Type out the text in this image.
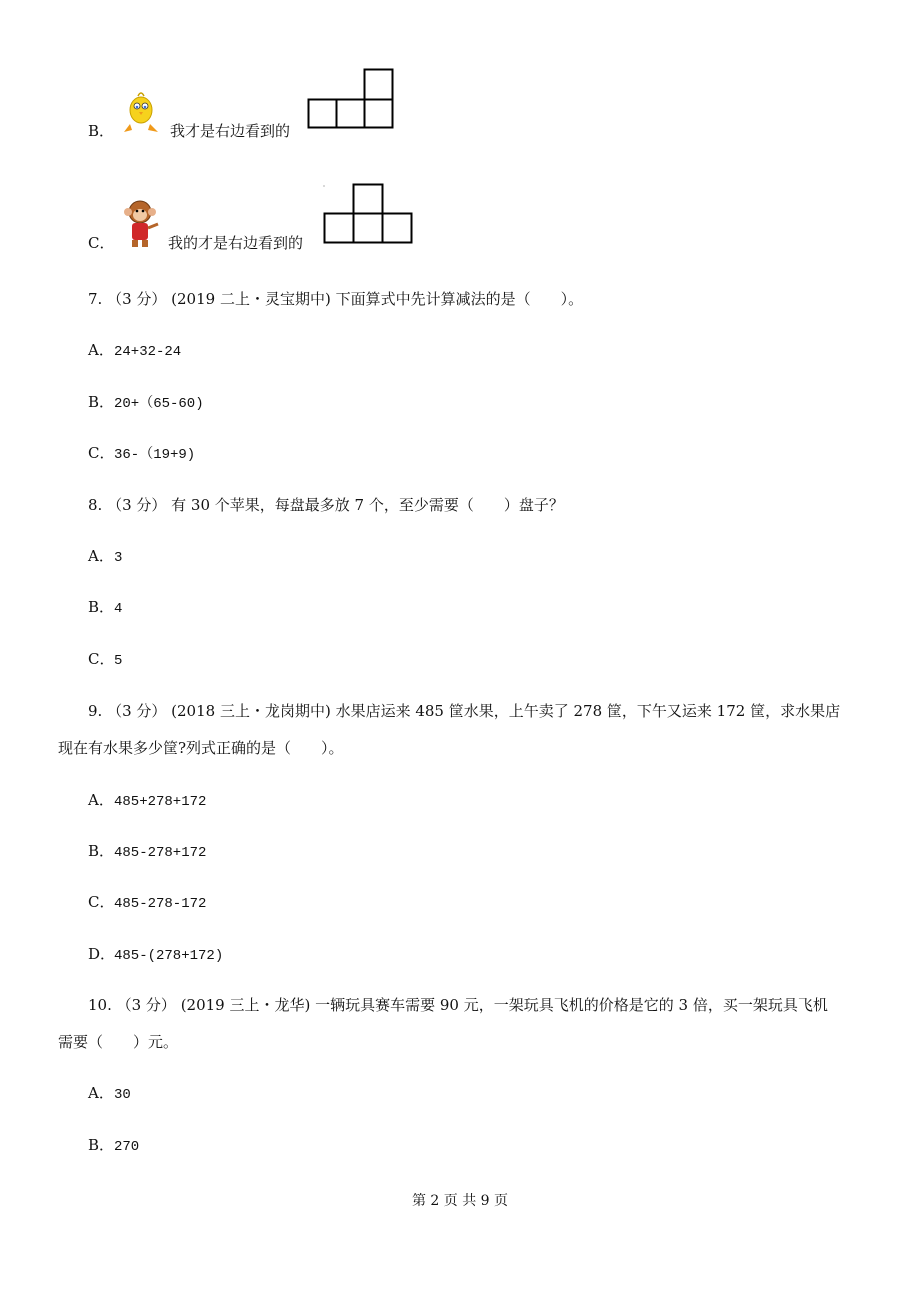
B．	我才是右边看到的
C．	我的才是右边看到的
7. （3 分） (2019 二上・灵宝期中) 下面算式中先计算减法的是（　　）。
A．24+32-24
B．20+（65-60)
C．36-（19+9)
8. （3 分） 有 30 个苹果，每盘最多放 7 个，至少需要（　　）盘子？
A．3
B．4
C．5
9. （3 分） (2018 三上・龙岗期中) 水果店运来 485 筐水果，上午卖了 278 筐，下午又运来 172 筐，求水果店
现在有水果多少筐?列式正确的是（　　）。
A．485+278+172
B．485-278+172
C．485-278-172
D．485-(278+172)
10. （3 分） (2019 三上・龙华) 一辆玩具赛车需要 90 元，一架玩具飞机的价格是它的 3 倍，买一架玩具飞机
需要（　　）元。
A．30
B．270
第 2 页 共 9 页
